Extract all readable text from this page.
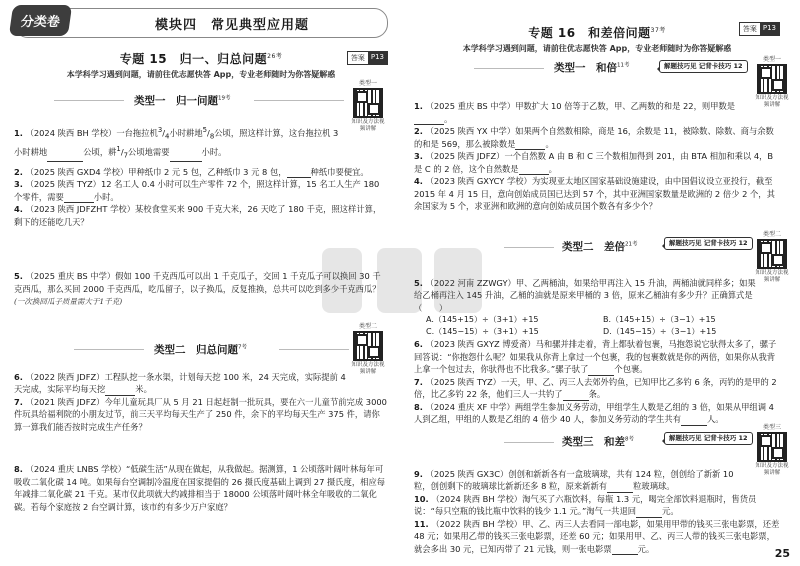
分类卷	模块四　常见典型应用题
专题 15　归一、归总问题$^{26考}$	答案 P13
本学科学习遇到问题，请前往优志愿快答 App，专业老师随时为你答疑解惑
类型一　归一问题$^{19考}$
类型一
知识及方法视频讲解
1. （2024 陕西 BH 学校）一台拖拉机$^3/_4$小时耕地$^5/_8$公顷，照这样计算，这台拖拉机 3 小时耕地	公顷，耕$^1/_7$公顷地需要	小时。
2. （2025 陕西 GXD4 学校）甲种纸巾 2 元 5 包，乙种纸巾 3 元 8 包，	种纸巾要便宜。
3. （2025 陕西 TYZ）12 名工人 0.4 小时可以生产零件 72 个，照这样计算，15 名工人生产 180 个零件，需要	小时。
4. （2023 陕西 JDFZHT 学校）某校食堂买来 900 千克大米，26 天吃了 180 千克，照这样计算，剩下的还能吃几天？
5. （2025 重庆 BS 中学）假如 100 千克西瓜可以出 1 千克瓜子，交回 1 千克瓜子可以换回 30 千克西瓜，那么买回 2000 千克西瓜，吃瓜留子，以子换瓜，反复推换，总共可以吃到多少千克西瓜？ (一次换回瓜子质量需大于1千克)
类型二　归总问题$^{7考}$
类型二
知识及方法视频讲解
6. （2022 陕西 JDFZ）工程队挖一条水渠，计划每天挖 100 米，24 天完成，实际提前 4 天完成，实际平均每天挖	米。
7. （2021 陕西 JDFZ）今年儿童玩具厂从 5 月 21 日起赶制一批玩具，要在六一儿童节前完成 3000 件玩具给福利院的小朋友过节，前三天平均每天生产了 250 件，余下的平均每天生产 375 件，请你算一算我们能否按时完成生产任务？
8. （2024 重庆 LNBS 学校）“低碳生活”从现在做起，从我做起。据测算，1 公顷落叶阔叶林每年可吸收二氧化碳 14 吨。如果每台空调制冷温度在国家提倡的 26 摄氏度基础上调到 27 摄氏度，相应每年减排二氧化碳 21 千克。某市仅此项就大约减排相当于 18000 公顷落叶阔叶林全年吸收的二氧化碳。若每个家庭按 2 台空调计算，该市约有多少万户家庭？
专题 16　和差倍问题$^{37考}$	答案 P13
本学科学习遇到问题，请前往优志愿快答 App，专业老师随时为你答疑解惑
类型一　和倍$^{11考}$	解题技巧见 记背卡技巧 12
类型一
知识及方法视频讲解
1. （2025 重庆 BS 中学）甲数扩大 10 倍等于乙数，甲、乙两数的和是 22，则甲数是。
2. （2025 陕西 YX 中学）如果两个自然数相除，商是 16，余数是 11，被除数、除数、商与余数的和是 569，那么被除数是	。
3. （2025 陕西 JDFZ）一个自然数 A 由 B 和 C 三个数相加得到 201，由 BTA 相加和乘以 4，B 是 C 的 2 倍，这个自然数是	。
4. （2023 陕西 GXYCY 学校）为实现亚太地区国家基础设施建设，由中国倡议设立亚投行，截至 2015 年 4 月 15 日，意向创始成员国已达到 57 个，其中亚洲国家数量是欧洲的 2 倍少 2 个，其余国家为 5 个，求亚洲和欧洲的意向创始成员国个数各有多少个？
类型二　差倍$^{21考}$	解题技巧见 记背卡技巧 12
类型二
知识及方法视频讲解
5. （2022 河南 ZZWGY）甲、乙两桶油，如果给甲再注入 15 升油，两桶油就同样多；如果给乙桶再注入 145 升油，乙桶的油就是原来甲桶的 3 倍，原来乙桶油有多少升？正确算式是 （　　）
A.（145+15）÷（3+1）+15	B.（145+15）÷（3−1）+15
C.（145−15）÷（3+1）+15	D.（145−15）÷（3−1）+15
6. （2023 陕西 GXYZ 博爱斋）马和骡并排走着，背上都驮着包裹，马抱怨说它驮得太多了，骡子回答说：“你抱怨什么呢？如果我从你背上拿过一个包裹，我的包裹数就是你的两倍，如果你从我背上拿一个包过去，你驮得也不比我多。”骡子驮了	个包裹。
7. （2025 陕西 TYZ）一天，甲、乙、丙三人去郊外钓鱼，已知甲比乙多钓 6 条，丙钓的是甲的 2 倍，比乙多钓 22 条，他们三人一共钓了	条。
8. （2024 重庆 XF 中学）两组学生参加义务劳动，甲组学生人数是乙组的 3 倍，如果从甲组调 4 人到乙组，甲组的人数是乙组的 4 倍少 40 人，参加义务劳动的学生共有	人。
类型三　和差$^{8考}$	解题技巧见 记背卡技巧 12
类型三
知识及方法视频讲解
9. （2025 陕西 GX3C）创创和新新各有一盒玻璃球，共有 124 粒，创创给了新新 10 粒，创创剩下的玻璃球比新新还多 8 粒，原来新新有	粒玻璃球。
10. （2024 陕西 BH 学校）淘气买了六瓶饮料，每瓶 1.3 元，喝完全部饮料退瓶时，售货员说：“每只空瓶的钱比瓶中饮料的钱少 1.1 元。”淘气一共退回	元。
11. （2022 陕西 BH 学校）甲、乙、丙三人去看同一部电影，如果用甲带的钱买三张电影票，还差 48 元；如果用乙带的钱买三张电影票，还差 60 元；如果用甲、乙、丙三人带的钱买三张电影票，就会多出 30 元，已知丙带了 21 元钱，则一张电影票	元。	25
